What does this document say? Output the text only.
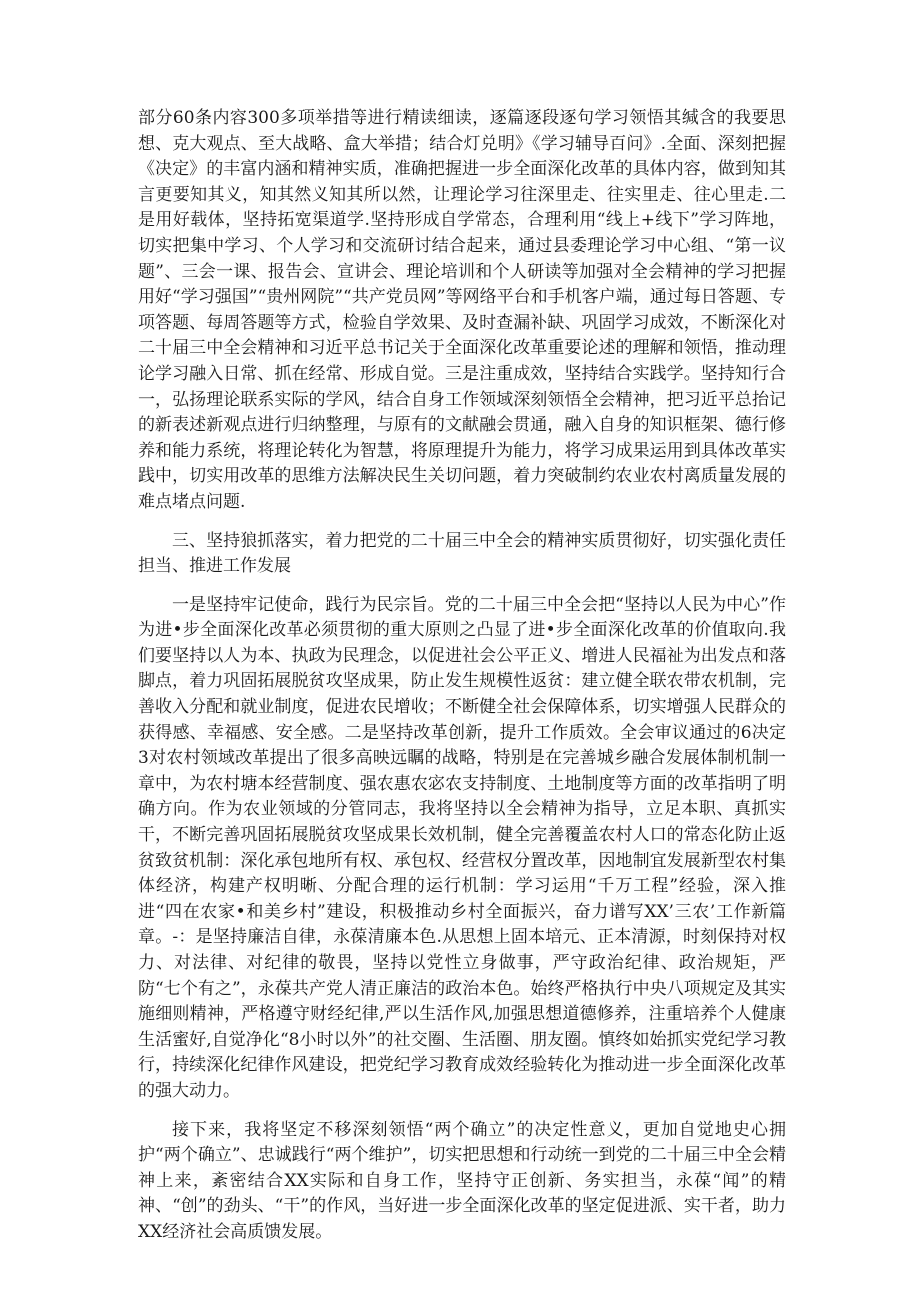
部分60条内容300多项举措等进行精读细读，逐篇逐段逐句学习领悟其缄含的我要思想、克大观点、至大战略、盒大举措；结合灯兑明》《学习辅导百问》.全面、深刻把握《决定》的丰富内涵和精神实质，准确把握进一步全面深化改革的具体内容，做到知其言更要知其义，知其然义知其所以然，让理论学习往深里走、往实里走、往心里走.二是用好载体，坚持拓宽渠道学.坚持形成自学常态，合理利用“线上+线下”学习阵地，切实把集中学习、个人学习和交流研讨结合起来，通过县委理论学习中心组、“第一议题”、三会一课、报告会、宣讲会、理论培训和个人研读等加强对全会精神的学习把握 用好“学习强国”“贵州网院”“共产党员网”等网络平台和手机客户端，通过每日答题、专项答题、每周答题等方式，检验自学效果、及时查漏补缺、巩固学习成效，不断深化对二十届三中全会精神和习近平总书记关于全面深化改革重要论述的理解和领悟，推动理论学习融入日常、抓在经常、形成自觉。三是注重成效，坚持结合实践学。坚持知行合一，弘扬理论联系实际的学风，结合自身工作领域深刻领悟全会精神，把习近平总抬记的新表述新观点进行归纳整理，与原有的文献融会贯通，融入自身的知识框架、德行修养和能力系统，将理论转化为智慧，将原理提升为能力，将学习成果运用到具体改革实践中，切实用改革的思维方法解决民生关切问题，着力突破制约农业农村离质量发展的难点堵点问题.

三、坚持狼抓落实，着力把党的二十届三中全会的精神实质贯彻好，切实强化责任担当、推进工作发展

一是坚持牢记使命，践行为民宗旨。党的二十届三中全会把“坚持以人民为中心”作为进•步全面深化改革必须贯彻的重大原则之凸显了进•步全面深化改革的价值取向.我们要坚持以人为本、执政为民理念，以促进社会公平正义、增进人民福祉为出发点和落脚点，着力巩固拓展脱贫攻坚成果，防止发生规模性返贫：建立健全联农带农机制，完善收入分配和就业制度，促进农民增收；不断健全社会保障体系，切实增强人民群众的获得感、幸福感、安全感。二是坚持改革创新，提升工作质效。全会审议通过的6决定3对农村领域改革提出了很多高映远瞩的战略，特别是在完善城乡融合发展体制机制一章中，为农村塘本经营制度、强农惠农宓农支持制度、土地制度等方面的改革指明了明确方向。作为农业领域的分管同志，我将坚持以全会精神为指导，立足本职、真抓实干，不断完善巩固拓展脱贫攻坚成果长效机制，健全完善覆盖农村人口的常态化防止返贫致贫机制：深化承包地所有权、承包权、经营权分置改革，因地制宜发展新型农村集体经济，构建产权明晰、分配合理的运行机制：学习运用“千万工程”经验，深入推进“四在农家•和美乡村”建设，积极推动乡村全面振兴，奋力谱写XX’三农’工作新篇章。-：是坚持廉洁自律，永葆清廉本色.从思想上固本培元、正本清源，时刻保持对权力、对法律、对纪律的敬畏，坚持以党性立身做事，严守政治纪律、政治规矩，严防“七个有之”，永葆共产党人清正廉洁的政治本色。始终严格执行中央八项规定及其实施细则精神，严格遵守财经纪律,严以生活作风,加强思想道德修养，注重培养个人健康生活蜜好,自觉净化“8小时以外”的社交圈、生活圈、朋友圈。慎终如始抓实党纪学习教行，持续深化纪律作风建设，把党纪学习教育成效经验转化为推动进一步全面深化改革的强大动力。

接下来，我将坚定不移深刻领悟“两个确立”的决定性意义，更加自觉地史心拥护“两个确立”、忠诚践行“两个维护”，切实把思想和行动统一到党的二十届三中全会精神上来，紊密结合XX实际和自身工作，坚持守正创新、务实担当，永葆“闻”的精神、“创”的劲头、“干”的作风，当好进一步全面深化改革的坚定促进派、实干者，助力XX经济社会高质馈发展。
